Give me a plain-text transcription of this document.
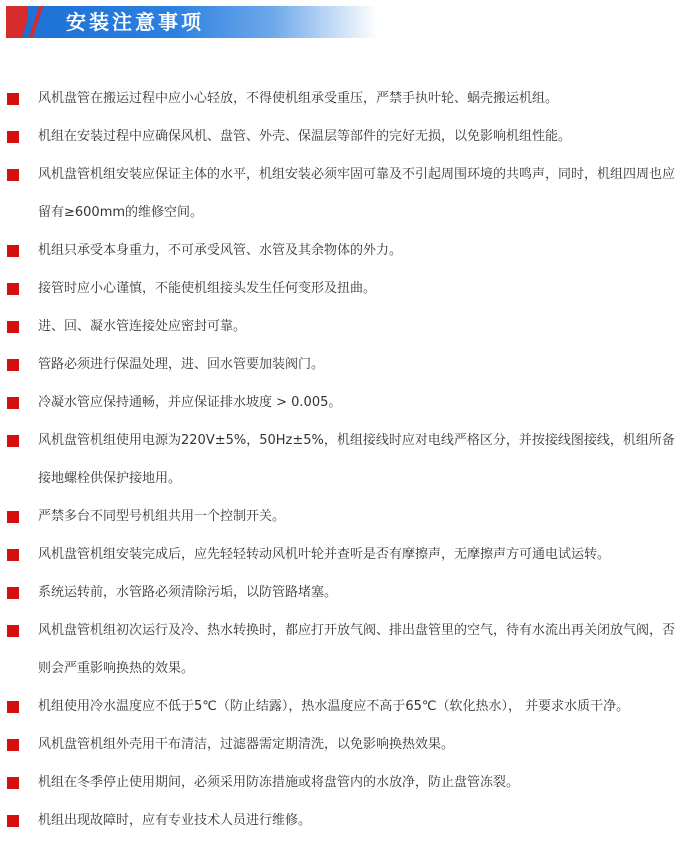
安装注意事项
风机盘管在搬运过程中应小心轻放，不得使机组承受重压，严禁手执叶轮、蜗壳搬运机组。
机组在安装过程中应确保风机、盘管、外壳、保温层等部件的完好无损，以免影响机组性能。
风机盘管机组安装应保证主体的水平，机组安装必须牢固可靠及不引起周围环境的共鸣声，同时，机组四周也应留有≥600mm的维修空间。
机组只承受本身重力，不可承受风管、水管及其余物体的外力。
接管时应小心谨慎，不能使机组接头发生任何变形及扭曲。
进、回、凝水管连接处应密封可靠。
管路必须进行保温处理，进、回水管要加装阀门。
冷凝水管应保持通畅，并应保证排水坡度 > 0.005。
风机盘管机组使用电源为220V±5%，50Hz±5%，机组接线时应对电线严格区分，并按接线图接线，机组所备接地螺栓供保护接地用。
严禁多台不同型号机组共用一个控制开关。
风机盘管机组安装完成后，应先轻轻转动风机叶轮并查听是否有摩擦声，无摩擦声方可通电试运转。
系统运转前，水管路必须清除污垢，以防管路堵塞。
风机盘管机组初次运行及冷、热水转换时，都应打开放气阀、排出盘管里的空气，待有水流出再关闭放气阀，否则会严重影响换热的效果。
机组使用冷水温度应不低于5℃（防止结露），热水温度应不高于65℃（软化热水）， 并要求水质干净。
风机盘管机组外壳用干布清洁，过滤器需定期清洗，以免影响换热效果。
机组在冬季停止使用期间，必须采用防冻措施或将盘管内的水放净，防止盘管冻裂。
机组出现故障时，应有专业技术人员进行维修。
